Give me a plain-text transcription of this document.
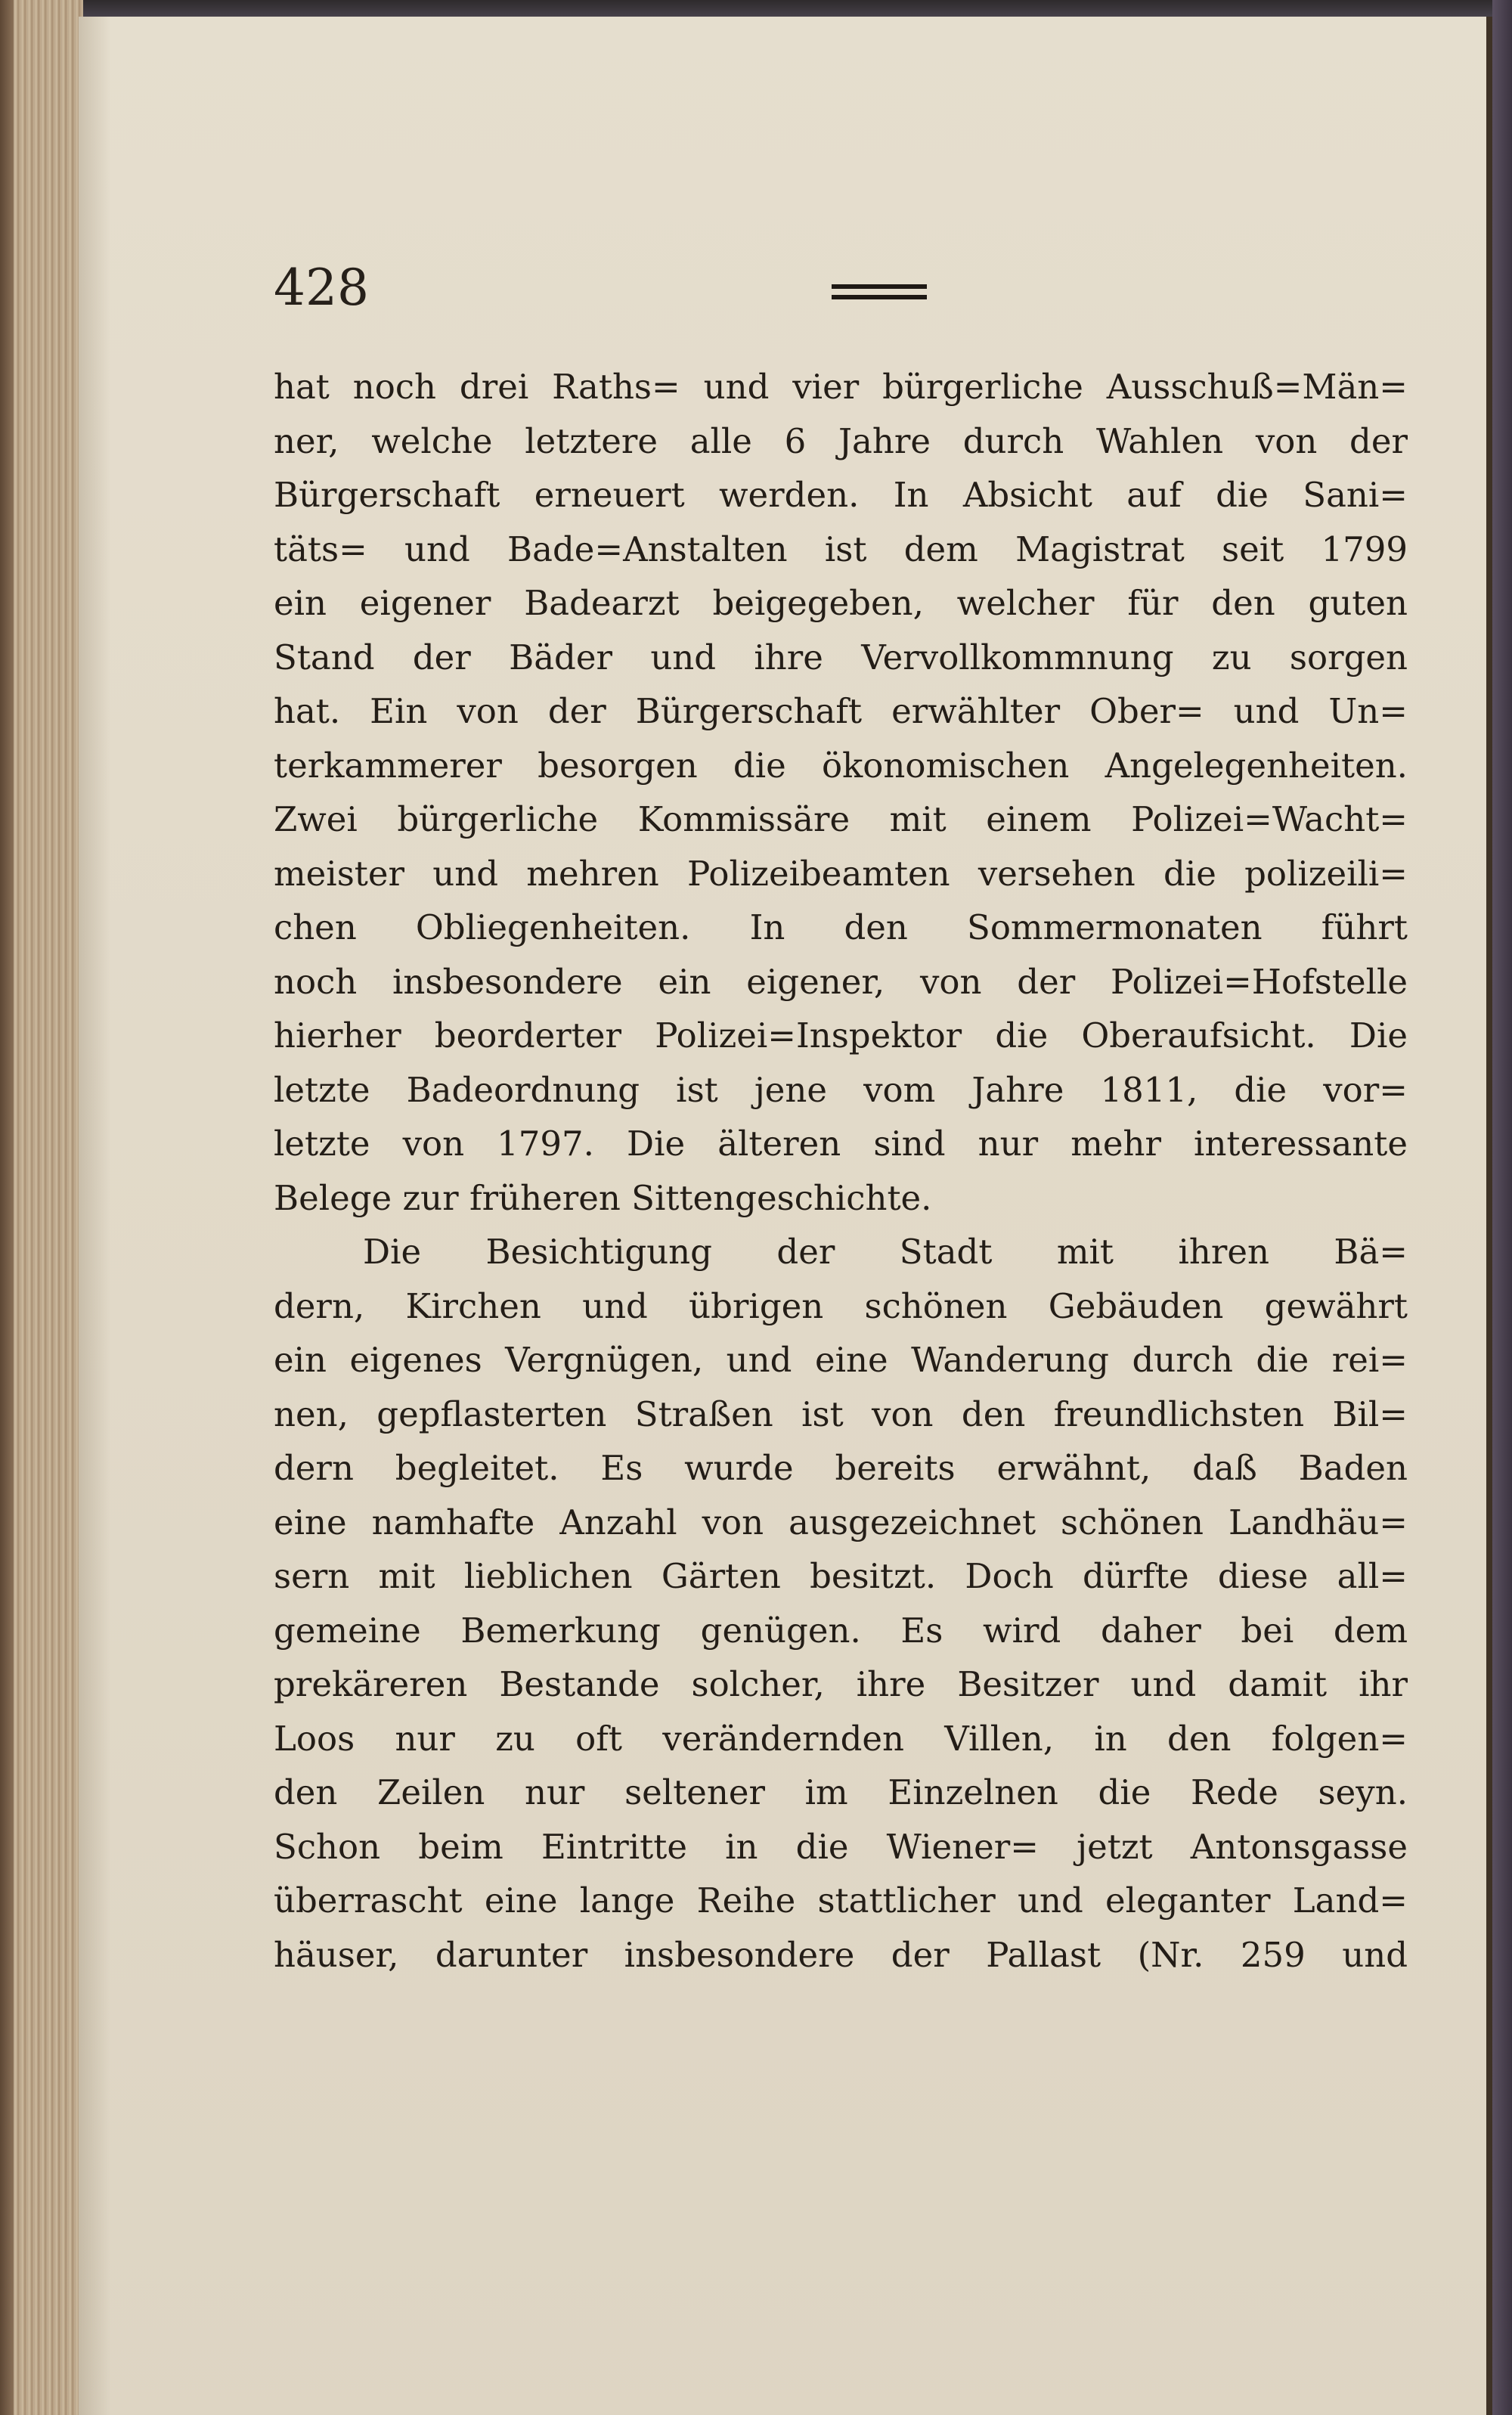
428
hat noch drei Raths= und vier bürgerliche Ausschuß=Män=
ner, welche letztere alle 6 Jahre durch Wahlen von der
Bürgerschaft erneuert werden. In Absicht auf die Sani=
täts= und Bade=Anstalten ist dem Magistrat seit 1799
ein eigener Badearzt beigegeben, welcher für den guten
Stand der Bäder und ihre Vervollkommnung zu sorgen
hat. Ein von der Bürgerschaft erwählter Ober= und Un=
terkammerer besorgen die ökonomischen Angelegenheiten.
Zwei bürgerliche Kommissäre mit einem Polizei=Wacht=
meister und mehren Polizeibeamten versehen die polizeili=
chen Obliegenheiten. In den Sommermonaten führt
noch insbesondere ein eigener, von der Polizei=Hofstelle
hierher beorderter Polizei=Inspektor die Oberaufsicht. Die
letzte Badeordnung ist jene vom Jahre 1811, die vor=
letzte von 1797. Die älteren sind nur mehr interessante
Belege zur früheren Sittengeschichte.
Die Besichtigung der Stadt mit ihren Bä=
dern, Kirchen und übrigen schönen Gebäuden gewährt
ein eigenes Vergnügen, und eine Wanderung durch die rei=
nen, gepflasterten Straßen ist von den freundlichsten Bil=
dern begleitet. Es wurde bereits erwähnt, daß Baden
eine namhafte Anzahl von ausgezeichnet schönen Landhäu=
sern mit lieblichen Gärten besitzt. Doch dürfte diese all=
gemeine Bemerkung genügen. Es wird daher bei dem
prekäreren Bestande solcher, ihre Besitzer und damit ihr
Loos nur zu oft verändernden Villen, in den folgen=
den Zeilen nur seltener im Einzelnen die Rede seyn.
Schon beim Eintritte in die Wiener= jetzt Antonsgasse
überrascht eine lange Reihe stattlicher und eleganter Land=
häuser, darunter insbesondere der Pallast (Nr. 259 und
